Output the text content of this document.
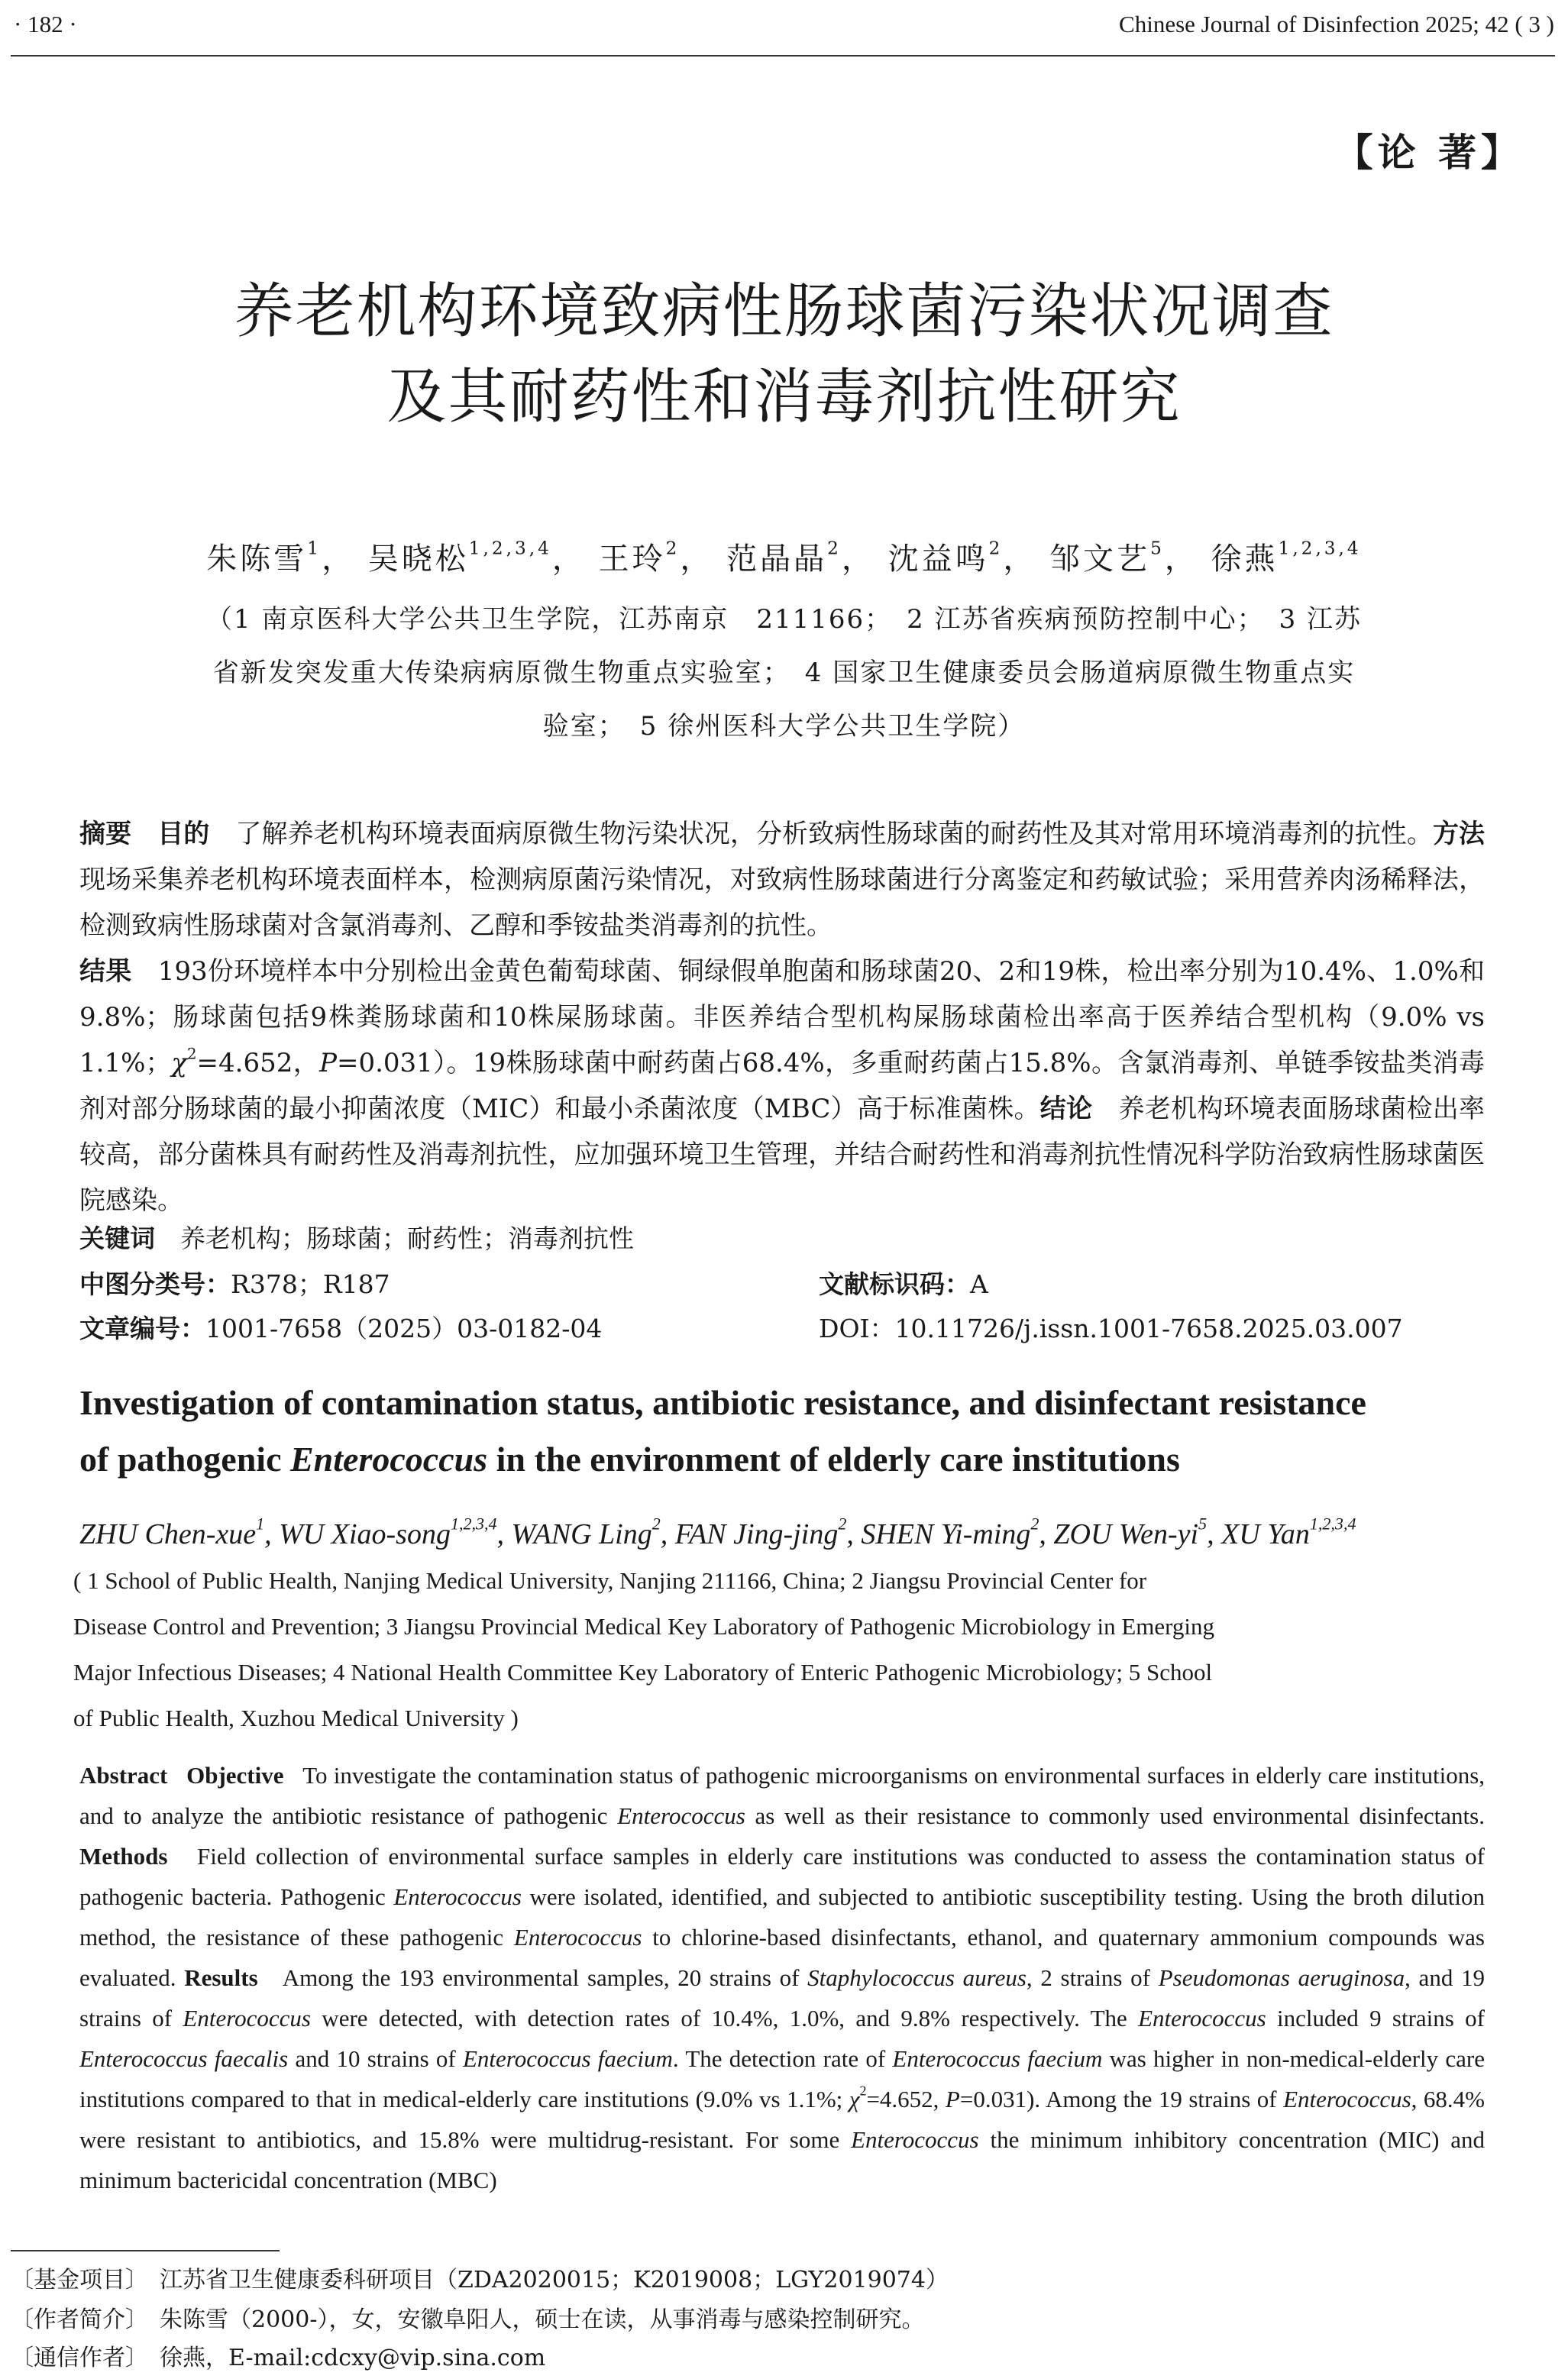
· 182 ·	Chinese Journal of Disinfection 2025; 42 ( 3 )
【论 著】
养老机构环境致病性肠球菌污染状况调查
及其耐药性和消毒剂抗性研究
朱陈雪$^1$， 吴晓松$^{1,2,3,4}$， 王玲$^2$， 范晶晶$^2$， 沈益鸣$^2$， 邹文艺$^5$， 徐燕$^{1,2,3,4}$
（1 南京医科大学公共卫生学院，江苏南京　211166；　2 江苏省疾病预防控制中心；　3 江苏
省新发突发重大传染病病原微生物重点实验室；　4 国家卫生健康委员会肠道病原微生物重点实
验室；　5 徐州医科大学公共卫生学院）
摘要　 目的　 了解养老机构环境表面病原微生物污染状况，分析致病性肠球菌的耐药性及其对常用环境消毒剂的抗性。方法　现场采集养老机构环境表面样本，检测病原菌污染情况，对致病性肠球菌进行分离鉴定和药敏试验；采用营养肉汤稀释法，检测致病性肠球菌对含氯消毒剂、乙醇和季铵盐类消毒剂的抗性。
结果　 193份环境样本中分别检出金黄色葡萄球菌、铜绿假单胞菌和肠球菌20、2和19株，检出率分别为10.4%、1.0%和9.8%；肠球菌包括9株粪肠球菌和10株屎肠球菌。非医养结合型机构屎肠球菌检出率高于医养结合型机构（9.0% vs 1.1%；$\chi^2=4.652$，P=0.031）。19株肠球菌中耐药菌占68.4%，多重耐药菌占15.8%。含氯消毒剂、单链季铵盐类消毒剂对部分肠球菌的最小抑菌浓度（MIC）和最小杀菌浓度（MBC）高于标准菌株。结论　 养老机构环境表面肠球菌检出率较高，部分菌株具有耐药性及消毒剂抗性，应加强环境卫生管理，并结合耐药性和消毒剂抗性情况科学防治致病性肠球菌医院感染。
关键词　 养老机构；肠球菌；耐药性；消毒剂抗性
中图分类号：R378；R187	文献标识码：A
文章编号：1001-7658（2025）03-0182-04	DOI：10.11726/j.issn.1001-7658.2025.03.007
Investigation of contamination status, antibiotic resistance, and disinfectant resistance
of pathogenic Enterococcus in the environment of elderly care institutions
ZHU Chen-xue$^1$, WU Xiao-song$^{1,2,3,4}$, WANG Ling$^2$, FAN Jing-jing$^2$, SHEN Yi-ming$^2$, ZOU Wen-$yi^5$, XU Yan$^{1,2,3,4}$
( 1 School of Public Health, Nanjing Medical University, Nanjing 211166, China; 2 Jiangsu Provincial Center for
Disease Control and Prevention; 3 Jiangsu Provincial Medical Key Laboratory of Pathogenic Microbiology in Emerging
Major Infectious Diseases; 4 National Health Committee Key Laboratory of Enteric Pathogenic Microbiology; 5 School
of Public Health, Xuzhou Medical University )
Abstract Objective To investigate the contamination status of pathogenic microorganisms on environmental surfaces in elderly care institutions, and to analyze the antibiotic resistance of pathogenic Enterococcus as well as their resistance to commonly used environmental disinfectants. Methods Field collection of environmental surface samples in elderly care institutions was conducted to assess the contamination status of pathogenic bacteria. Pathogenic Enterococcus were isolated, identified, and subjected to antibiotic susceptibility testing. Using the broth dilution method, the resistance of these pathogenic Enterococcus to chlorine-based disinfectants, ethanol, and quaternary ammonium compounds was evaluated. Results Among the 193 environmental samples, 20 strains of Staphylococcus aureus, 2 strains of Pseudomonas aeruginosa, and 19 strains of Enterococcus were detected, with detection rates of 10.4%, 1.0%, and 9.8% respectively. The Enterococcus included 9 strains of Enterococcus faecalis and 10 strains of Enterococcus faecium. The detection rate of Enterococcus faecium was higher in non-medical-elderly care institutions compared to that in medical-elderly care institutions (9.0% vs 1.1%; $\chi^2=4.652$, P=0.031). Among the 19 strains of Enterococcus, 68.4% were resistant to antibiotics, and 15.8% were multidrug-resistant. For some Enterococcus the minimum inhibitory concentration (MIC) and minimum bactericidal concentration (MBC)
〔基金项目〕　 江苏省卫生健康委科研项目（ZDA2020015；K2019008；LGY2019074）
〔作者简介〕　 朱陈雪（2000-），女，安徽阜阳人，硕士在读，从事消毒与感染控制研究。
〔通信作者〕　 徐燕，E-mail:cdcxy@vip.sina.com
